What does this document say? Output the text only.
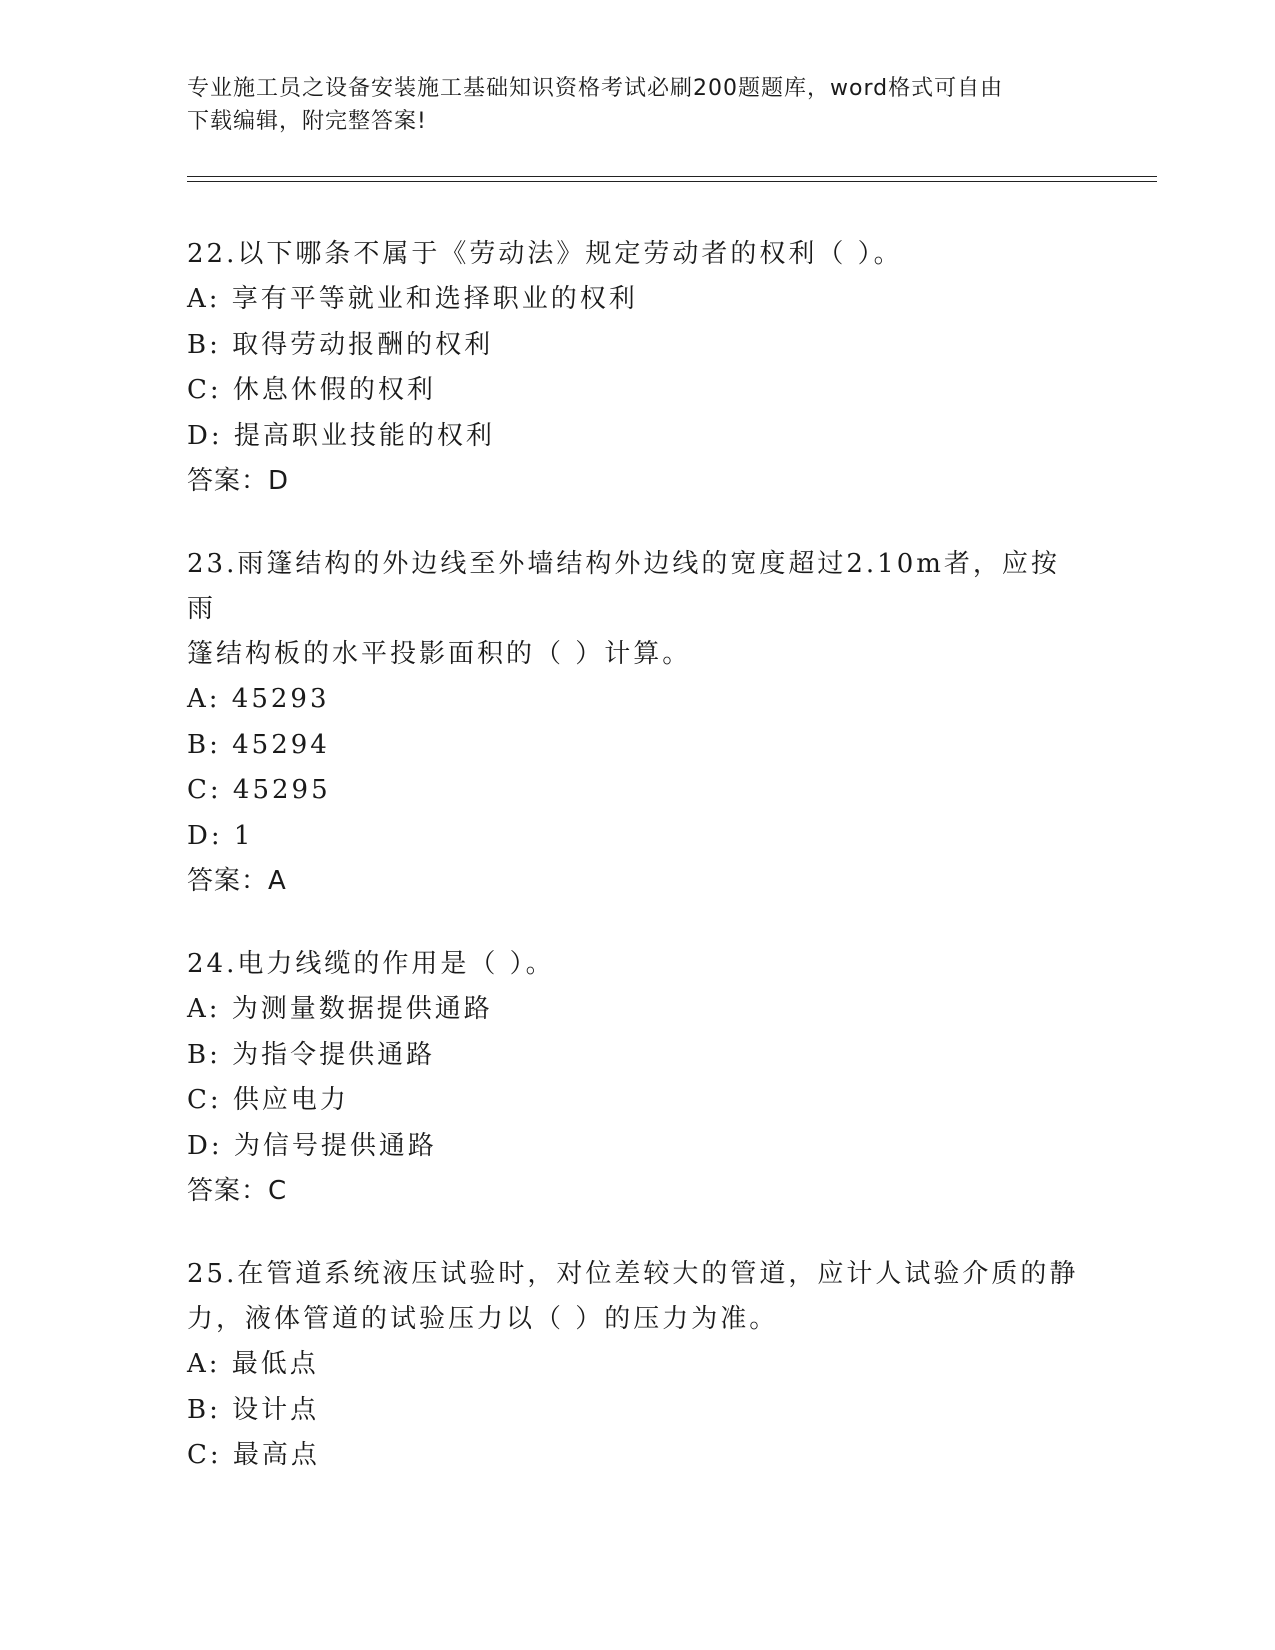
专业施工员之设备安装施工基础知识资格考试必刷200题题库，word格式可自由
下载编辑，附完整答案!

22.以下哪条不属于《劳动法》规定劳动者的权利（ ）。

A: 享有平等就业和选择职业的权利

B: 取得劳动报酬的权利

C: 休息休假的权利

D: 提高职业技能的权利

答案：D

23.雨篷结构的外边线至外墙结构外边线的宽度超过2.10m者，应按雨

篷结构板的水平投影面积的（ ）计算。

A: 45293

B: 45294

C: 45295

D: 1

答案：A

24.电力线缆的作用是（ ）。

A: 为测量数据提供通路

B: 为指令提供通路

C: 供应电力

D: 为信号提供通路

答案：C

25.在管道系统液压试验时，对位差较大的管道，应计人试验介质的静

力，液体管道的试验压力以（ ）的压力为准。

A: 最低点

B: 设计点

C: 最高点
